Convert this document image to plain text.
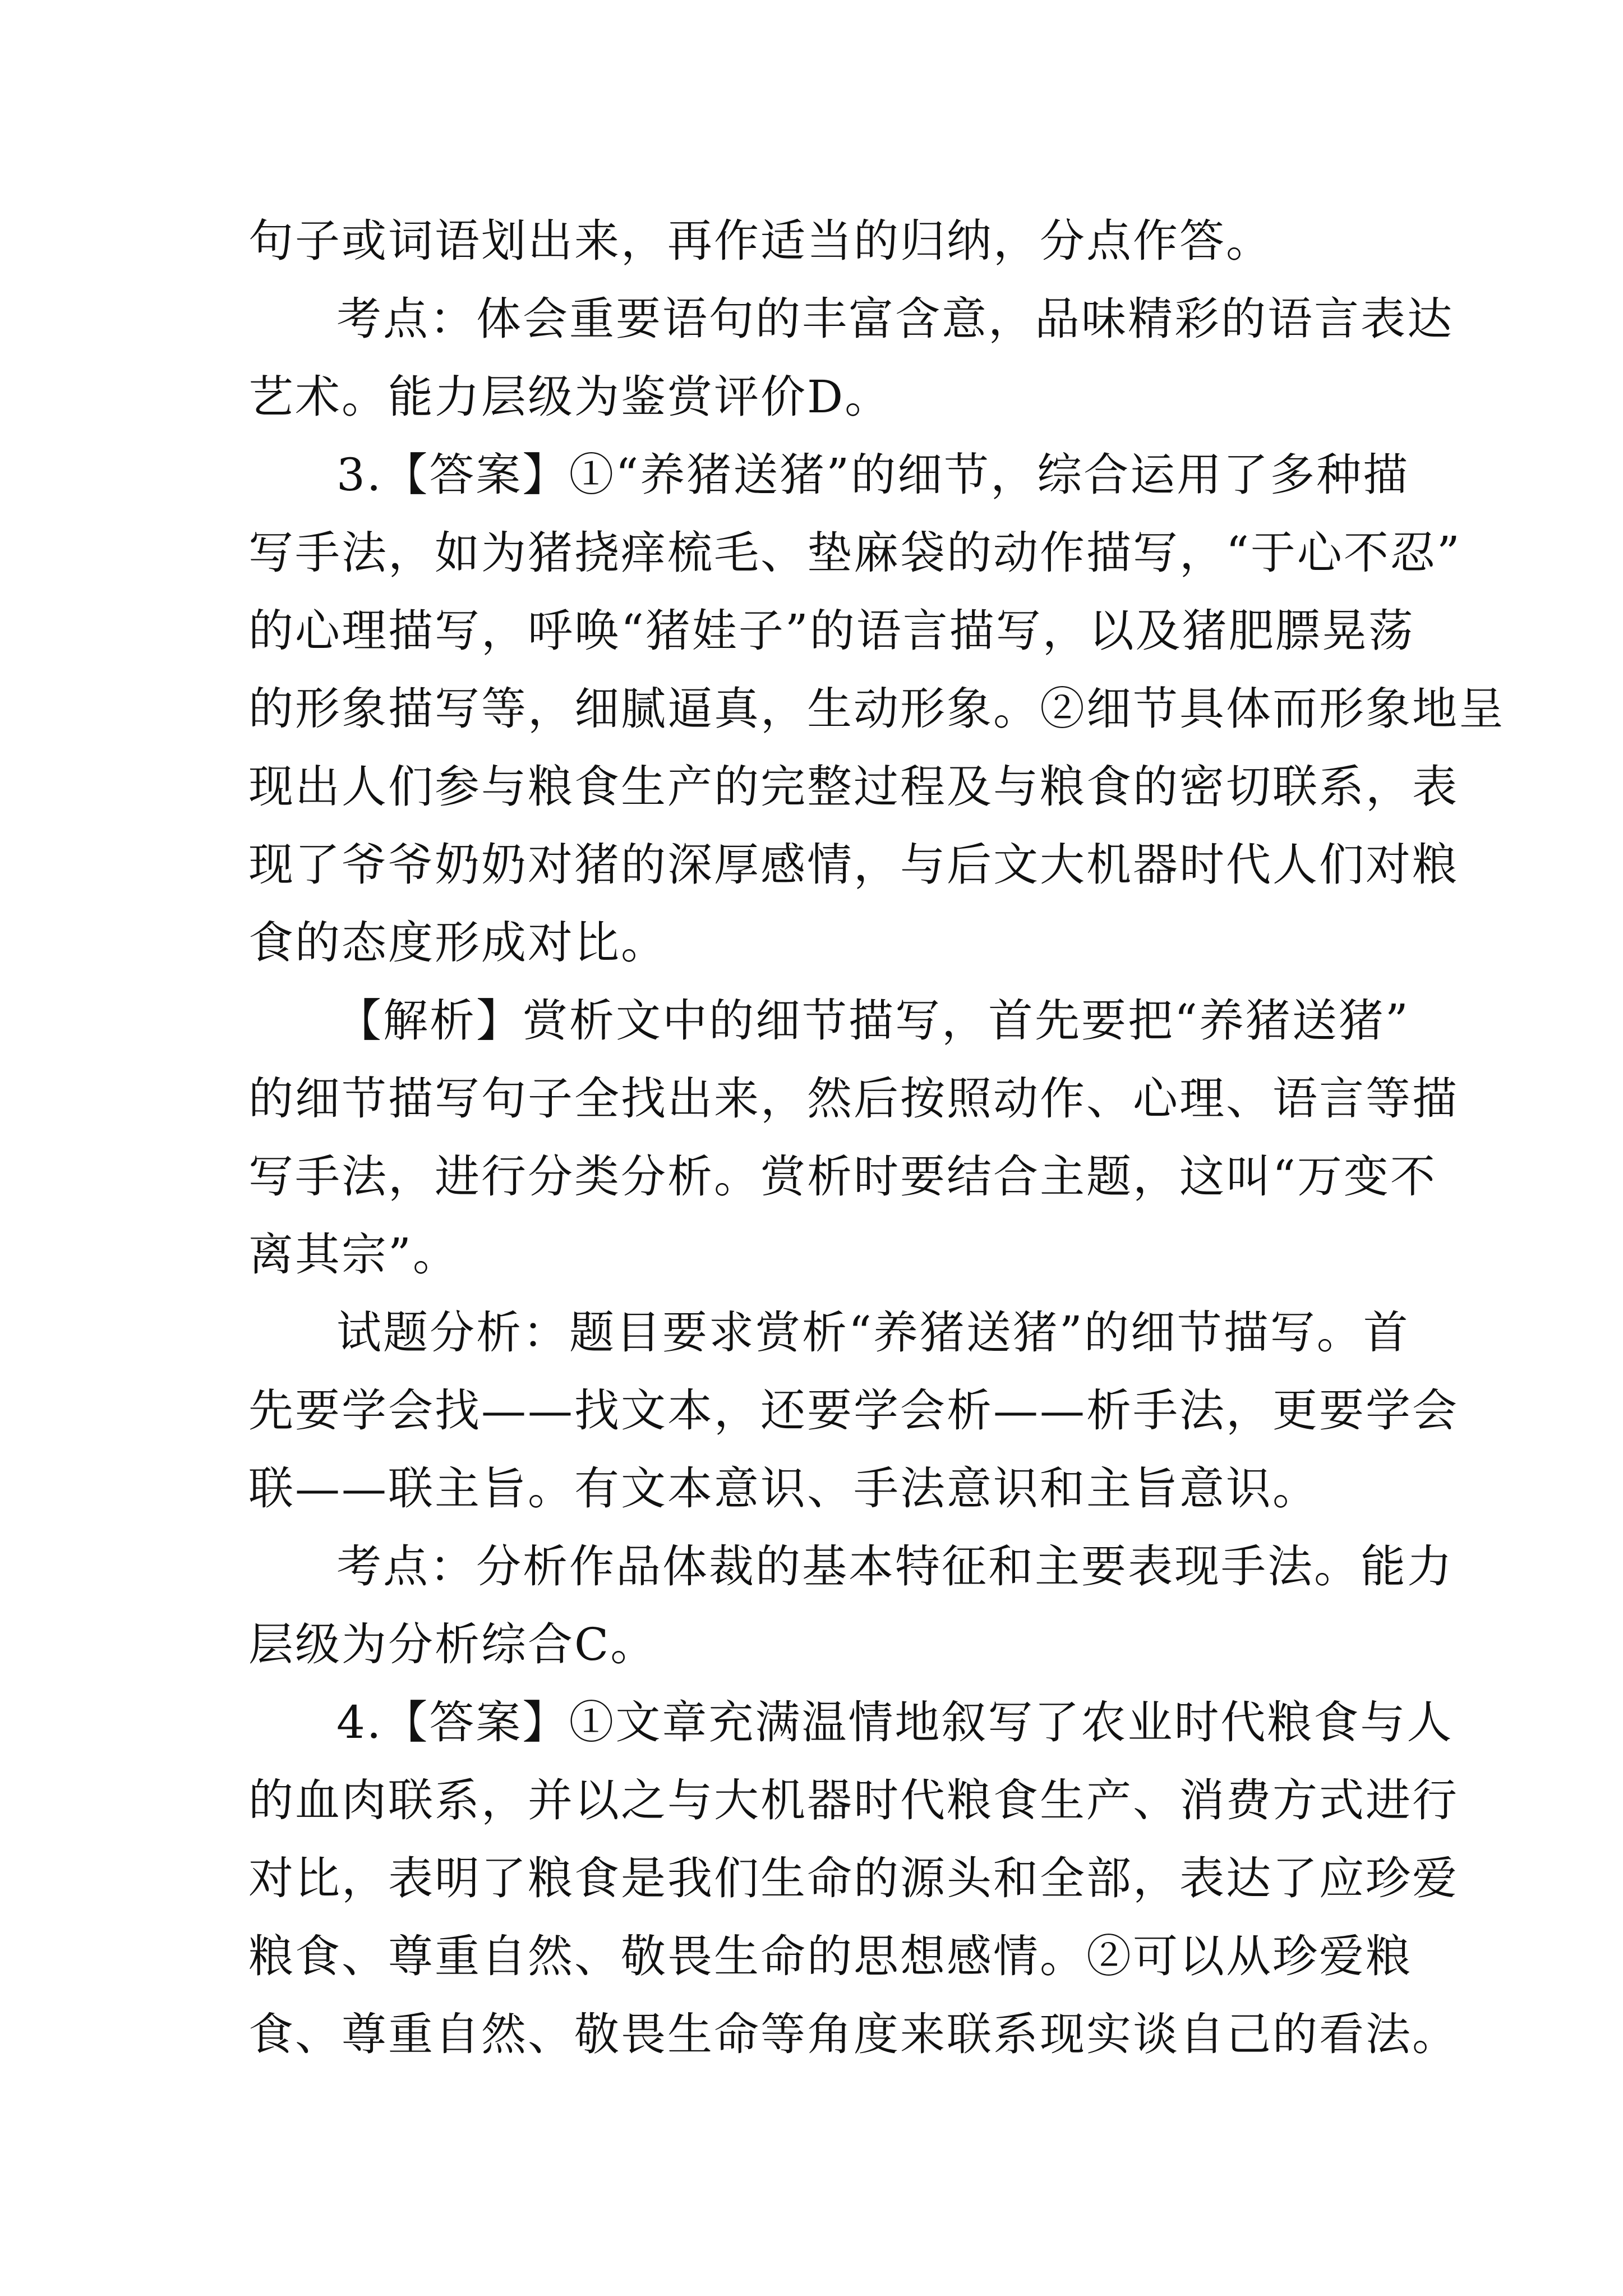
句子或词语划出来，再作适当的归纳，分点作答。
考点：体会重要语句的丰富含意，品味精彩的语言表达
艺术。能力层级为鉴赏评价D。
3.【答案】①“养猪送猪”的细节，综合运用了多种描
写手法，如为猪挠痒梳毛、垫麻袋的动作描写，“于心不忍”
的心理描写，呼唤“猪娃子”的语言描写，以及猪肥膘晃荡
的形象描写等，细腻逼真，生动形象。②细节具体而形象地呈
现出人们参与粮食生产的完整过程及与粮食的密切联系，表
现了爷爷奶奶对猪的深厚感情，与后文大机器时代人们对粮
食的态度形成对比。
【解析】赏析文中的细节描写，首先要把“养猪送猪”
的细节描写句子全找出来，然后按照动作、心理、语言等描
写手法，进行分类分析。赏析时要结合主题，这叫“万变不
离其宗”。
试题分析：题目要求赏析“养猪送猪”的细节描写。首
先要学会找——找文本，还要学会析——析手法，更要学会
联——联主旨。有文本意识、手法意识和主旨意识。
考点：分析作品体裁的基本特征和主要表现手法。能力
层级为分析综合C。
4.【答案】①文章充满温情地叙写了农业时代粮食与人
的血肉联系，并以之与大机器时代粮食生产、消费方式进行
对比，表明了粮食是我们生命的源头和全部，表达了应珍爱
粮食、尊重自然、敬畏生命的思想感情。②可以从珍爱粮
食、尊重自然、敬畏生命等角度来联系现实谈自己的看法。
